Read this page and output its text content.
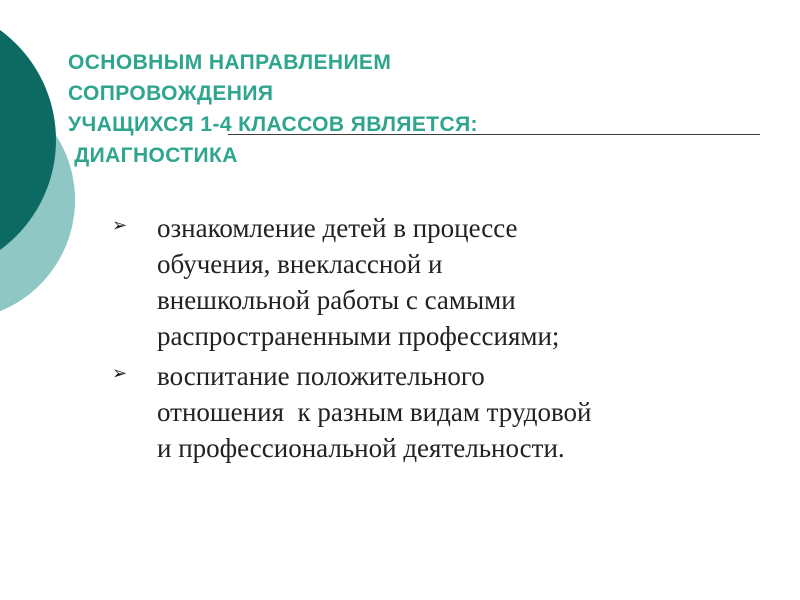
ОСНОВНЫМ НАПРАВЛЕНИЕМ
СОПРОВОЖДЕНИЯ
УЧАЩИХСЯ 1-4 КЛАССОВ ЯВЛЯЕТСЯ:
ДИАГНОСТИКА
➢ ознакомление детей в процессе
обучения, внеклассной и
внешкольной работы с самыми
распространенными профессиями;
➢ воспитание положительного
отношения  к разным видам трудовой
и профессиональной деятельности.
